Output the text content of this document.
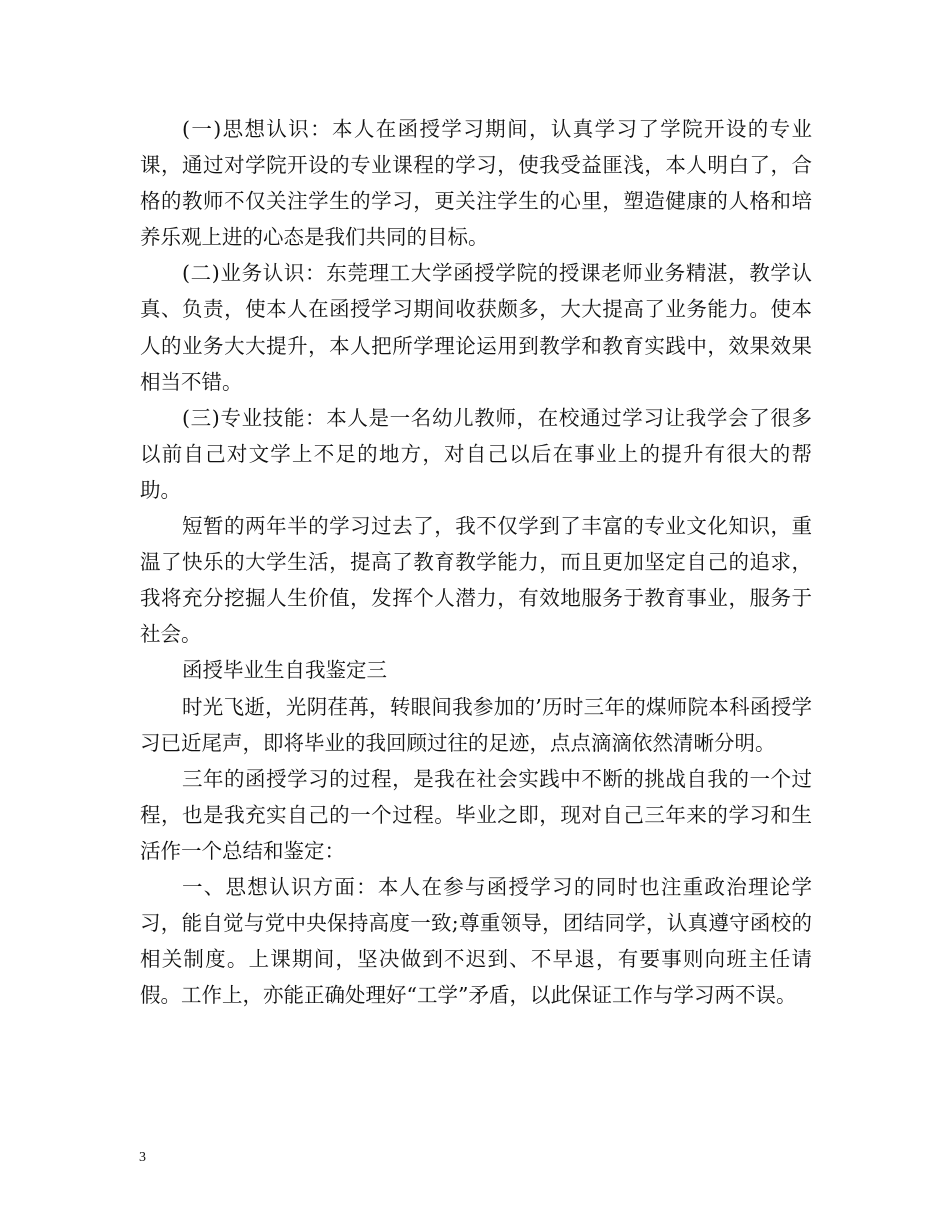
(一)思想认识：本人在函授学习期间，认真学习了学院开设的专业课，通过对学院开设的专业课程的学习，使我受益匪浅，本人明白了，合格的教师不仅关注学生的学习，更关注学生的心里，塑造健康的人格和培养乐观上进的心态是我们共同的目标。

(二)业务认识：东莞理工大学函授学院的授课老师业务精湛，教学认真、负责，使本人在函授学习期间收获颇多，大大提高了业务能力。使本人的业务大大提升，本人把所学理论运用到教学和教育实践中，效果效果相当不错。

(三)专业技能：本人是一名幼儿教师，在校通过学习让我学会了很多以前自己对文学上不足的地方，对自己以后在事业上的提升有很大的帮助。

短暂的两年半的学习过去了，我不仅学到了丰富的专业文化知识，重温了快乐的大学生活，提高了教育教学能力，而且更加坚定自己的追求，我将充分挖掘人生价值，发挥个人潜力，有效地服务于教育事业，服务于社会。

函授毕业生自我鉴定三

时光飞逝，光阴荏苒，转眼间我参加的’历时三年的煤师院本科函授学习已近尾声，即将毕业的我回顾过往的足迹，点点滴滴依然清晰分明。

三年的函授学习的过程，是我在社会实践中不断的挑战自我的一个过程，也是我充实自己的一个过程。毕业之即，现对自己三年来的学习和生活作一个总结和鉴定：

一、思想认识方面：本人在参与函授学习的同时也注重政治理论学习，能自觉与党中央保持高度一致;尊重领导，团结同学，认真遵守函校的相关制度。上课期间，坚决做到不迟到、不早退，有要事则向班主任请假。工作上，亦能正确处理好“工学”矛盾，以此保证工作与学习两不误。

3
